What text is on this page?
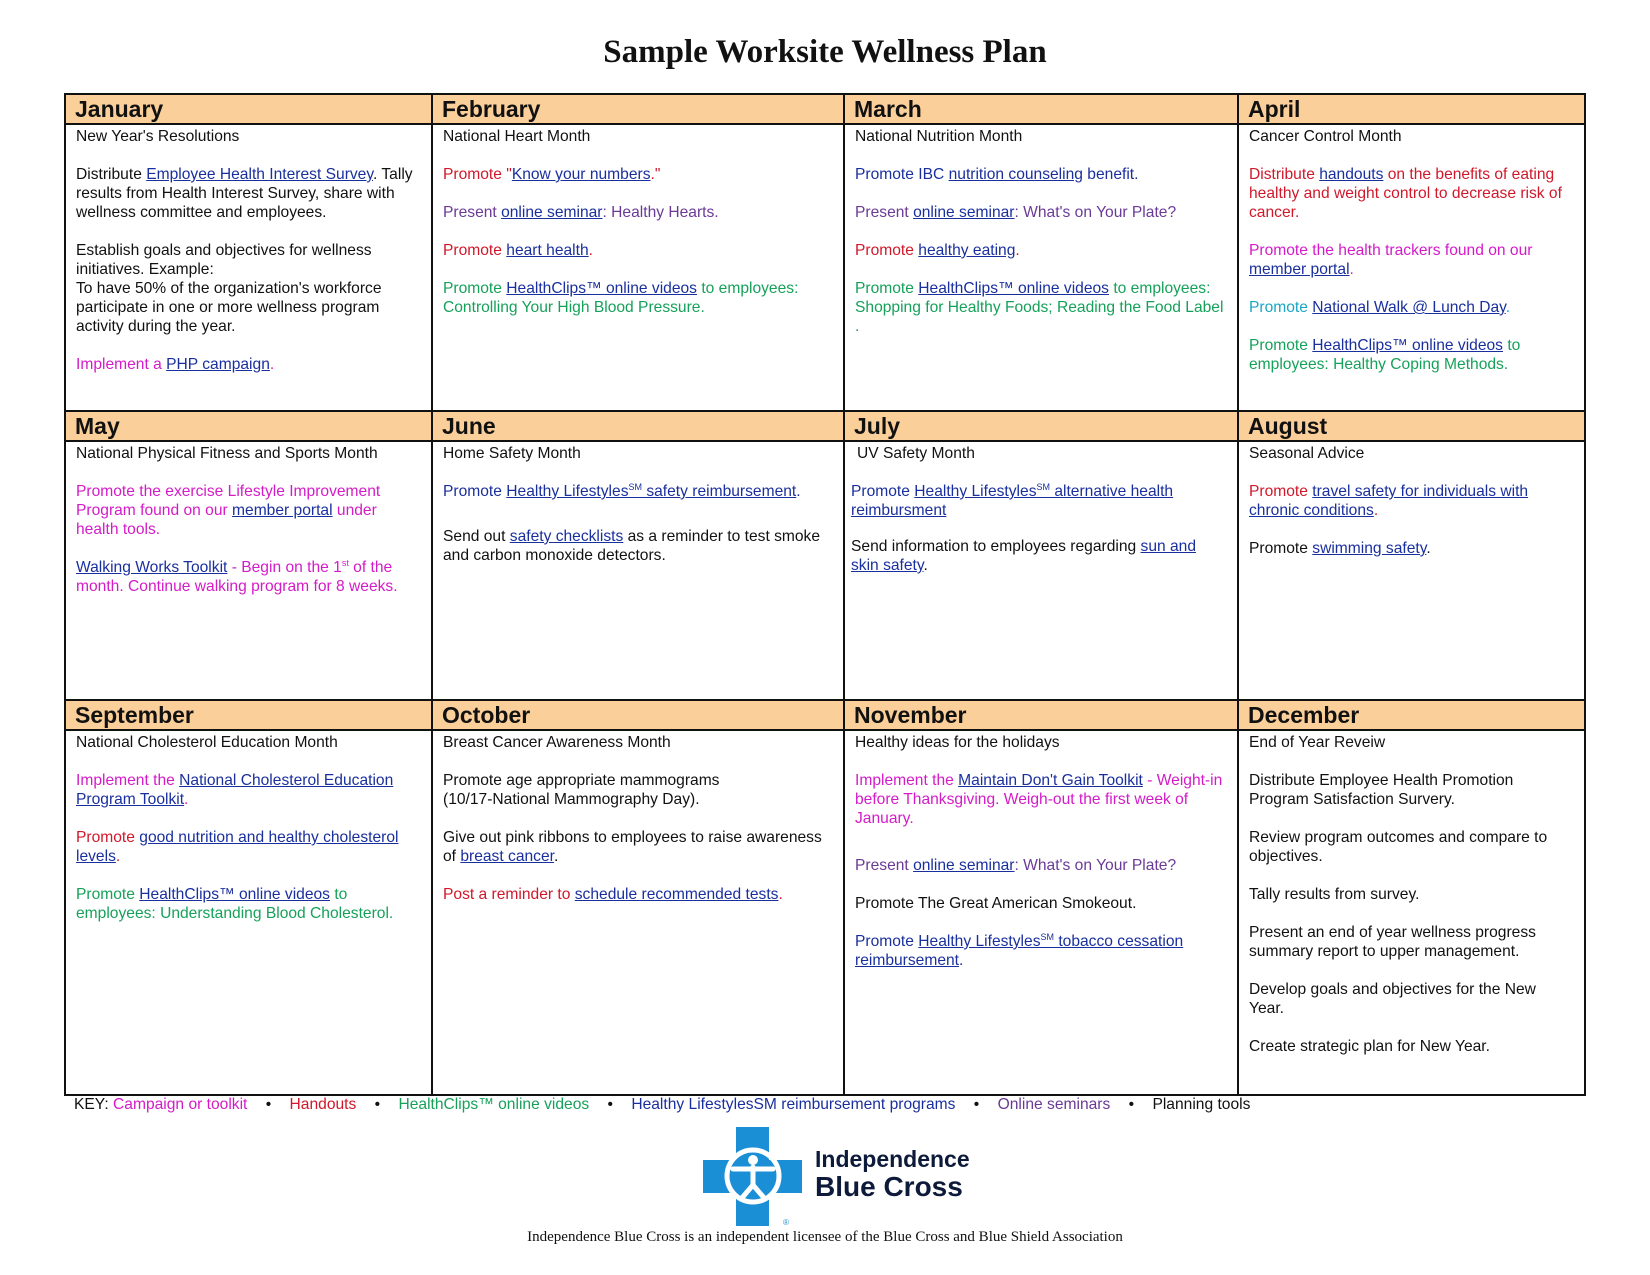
Sample Worksite Wellness Plan
January
New Year's Resolutions
Distribute Employee Health Interest Survey. Tally results from Health Interest Survey, share with wellness committee and employees.
Establish goals and objectives for wellness initiatives. Example:
To have 50% of the organization's workforce participate in one or more wellness program activity during the year.
Implement a PHP campaign.
February
National Heart Month
Promote "Know your numbers."
Present online seminar: Healthy Hearts.
Promote heart health.
Promote HealthClips™ online videos to employees: Controlling Your High Blood Pressure.
March
National Nutrition Month
Promote IBC nutrition counseling benefit.
Present online seminar: What's on Your Plate?
Promote healthy eating.
Promote HealthClips™ online videos to employees: Shopping for Healthy Foods; Reading the Food Label .
April
Cancer Control Month
Distribute handouts on the benefits of eating healthy and weight control to decrease risk of cancer.
Promote the health trackers found on our member portal.
Promote National Walk @ Lunch Day.
Promote HealthClips™ online videos to employees: Healthy Coping Methods.
May
National Physical Fitness and Sports Month
Promote the exercise Lifestyle Improvement Program found on our member portal under health tools.
Walking Works Toolkit - Begin on the 1st of the month. Continue walking program for 8 weeks.
June
Home Safety Month
Promote Healthy Lifestyles℠ safety reimbursement.
Send out safety checklists as a reminder to test smoke and carbon monoxide detectors.
July
UV Safety Month
Promote Healthy Lifestyles℠ alternative health reimbursment
Send information to employees regarding sun and skin safety.
August
Seasonal Advice
Promote travel safety for individuals with chronic conditions.
Promote swimming safety.
September
National Cholesterol Education Month
Implement the National Cholesterol Education Program Toolkit.
Promote good nutrition and healthy cholesterol levels.
Promote HealthClips™ online videos to employees: Understanding Blood Cholesterol.
October
Breast Cancer Awareness Month
Promote age appropriate mammograms
(10/17-National Mammography Day).
Give out pink ribbons to employees to raise awareness of breast cancer.
Post a reminder to schedule recommended tests.
November
Healthy ideas for the holidays
Implement the Maintain Don't Gain Toolkit - Weight-in before Thanksgiving. Weigh-out the first week of January.
Present online seminar: What's on Your Plate?
Promote The Great American Smokeout.
Promote Healthy Lifestyles℠ tobacco cessation reimbursement.
December
End of Year Reveiw
Distribute Employee Health Promotion Program Satisfaction Survery.
Review program outcomes and compare to objectives.
Tally results from survey.
Present an end of year wellness progress summary report to upper management.
Develop goals and objectives for the New Year.
Create strategic plan for New Year.
KEY: Campaign or toolkit • Handouts • HealthClips™ online videos • Healthy LifestylesSM reimbursement programs • Online seminars • Planning tools
®
Independence
Blue Cross
Independence Blue Cross is an independent licensee of the Blue Cross and Blue Shield Association
